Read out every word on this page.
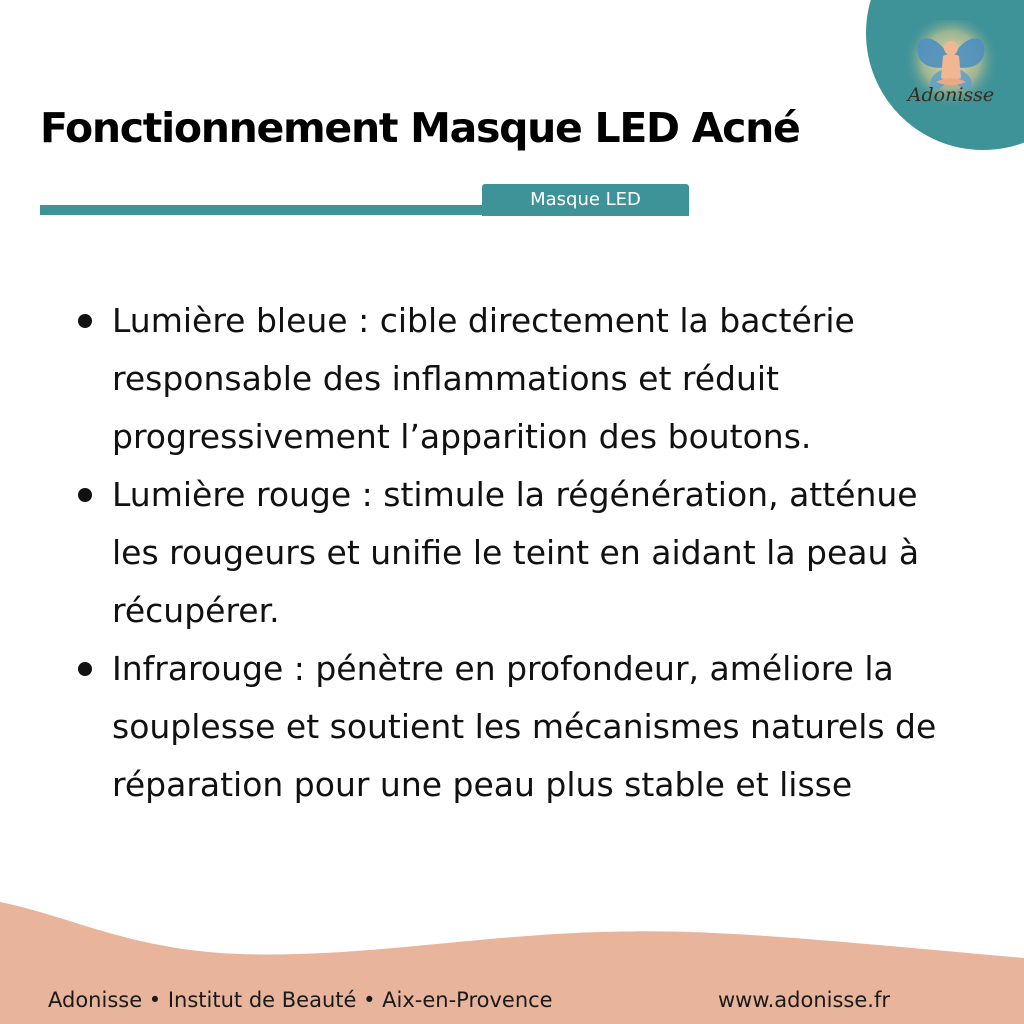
Adonisse
Fonctionnement Masque LED Acné
Masque LED
Lumière bleue : cible directement la bactérie responsable des inflammations et réduit progressivement l’apparition des boutons.
Lumière rouge : stimule la régénération, atténue les rougeurs et unifie le teint en aidant la peau à récupérer.
Infrarouge : pénètre en profondeur, améliore la souplesse et soutient les mécanismes naturels de réparation pour une peau plus stable et lisse
Adonisse • Institut de Beauté • Aix-en-Provence	www.adonisse.fr
